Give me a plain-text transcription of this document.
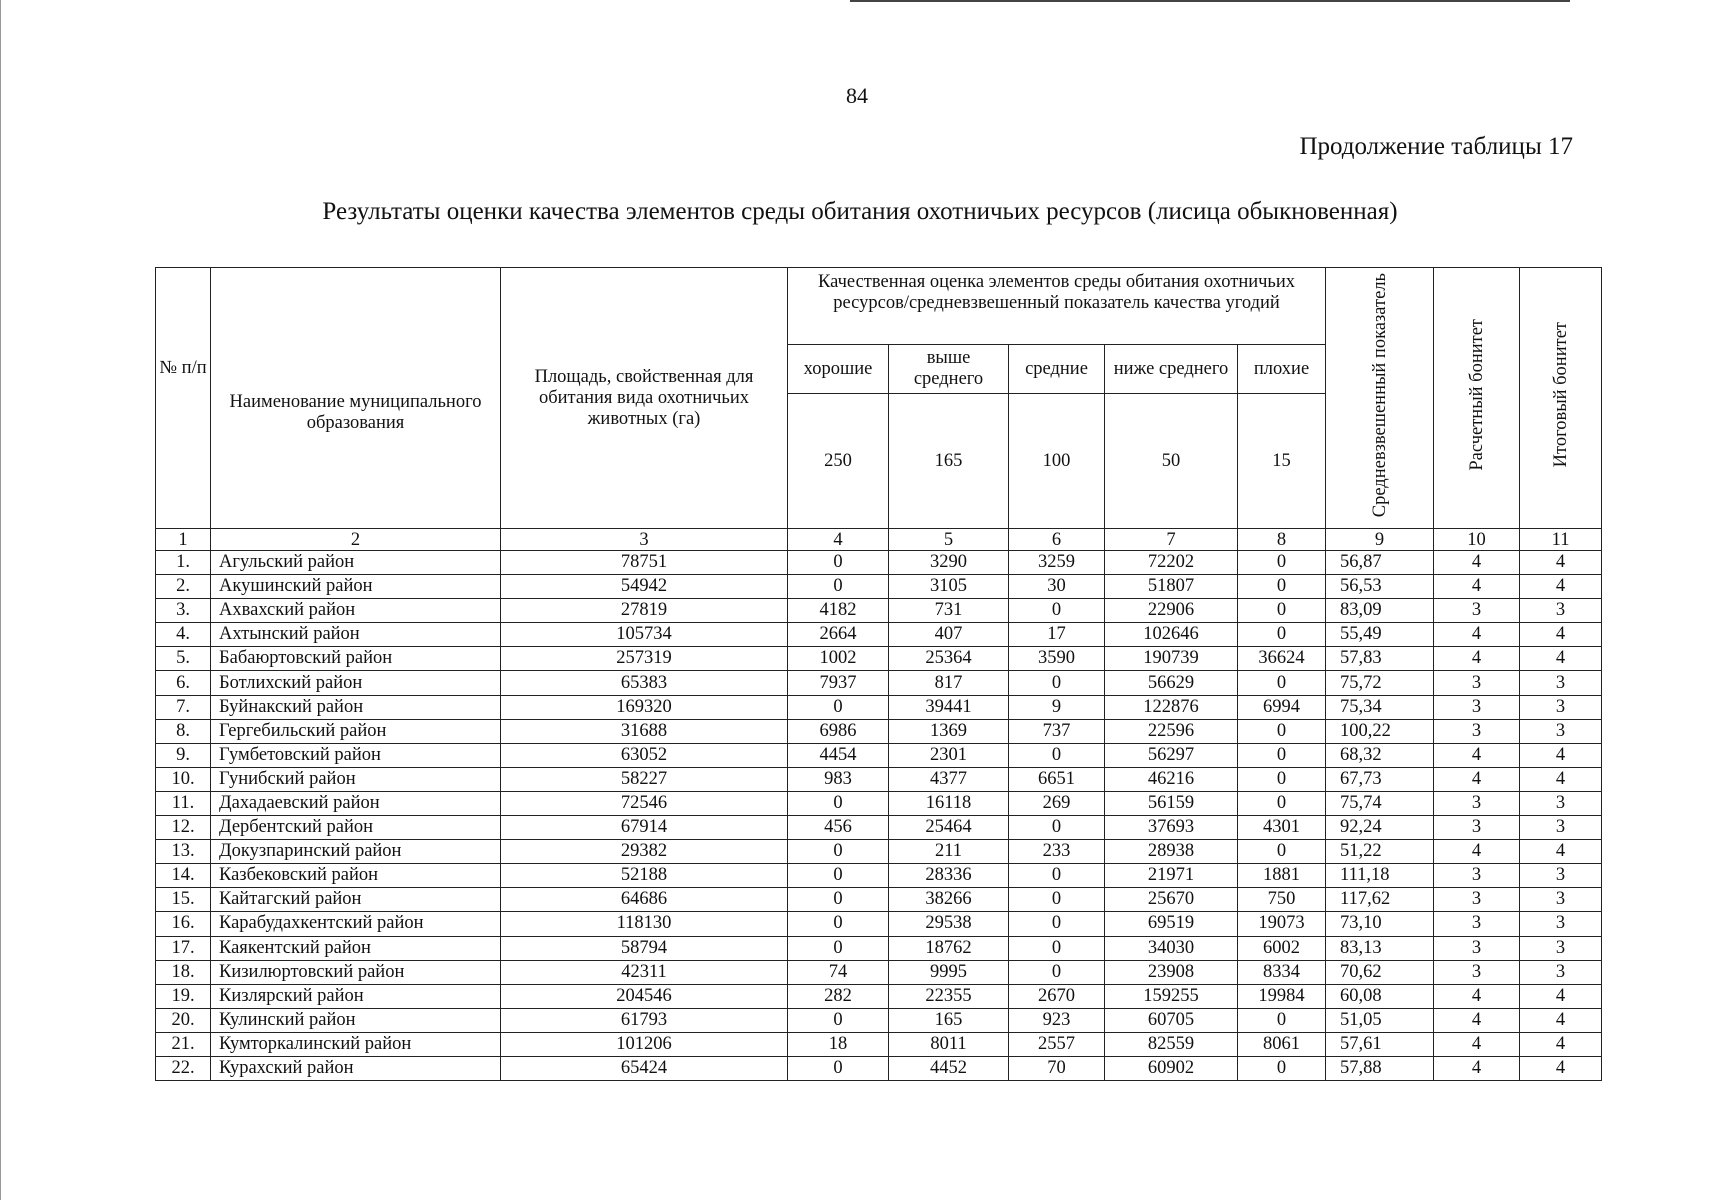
84
Продолжение таблицы 17
Результаты оценки качества элементов среды обитания охотничьих ресурсов (лисица обыкновенная)
№ п/п	Наименование муниципального образования	Площадь, свойственная для обитания вида охотничьих животных (га)	Качественная оценка элементов среды обитания охотничьих ресурсов/средневзвешенный показатель качества угодий					Средневзвешенный показатель	Расчетный бонитет	Итоговый бонитет
			хорошие	выше среднего	средние	ниже среднего	плохие			
			250	165	100	50	15			
1	2	3	4	5	6	7	8	9	10	11
1.	Агульский район	78751	0	3290	3259	72202	0	56,87	4	4
2.	Акушинский район	54942	0	3105	30	51807	0	56,53	4	4
3.	Ахвахский район	27819	4182	731	0	22906	0	83,09	3	3
4.	Ахтынский район	105734	2664	407	17	102646	0	55,49	4	4
5.	Бабаюртовский район	257319	1002	25364	3590	190739	36624	57,83	4	4
6.	Ботлихский район	65383	7937	817	0	56629	0	75,72	3	3
7.	Буйнакский район	169320	0	39441	9	122876	6994	75,34	3	3
8.	Гергебильский район	31688	6986	1369	737	22596	0	100,22	3	3
9.	Гумбетовский район	63052	4454	2301	0	56297	0	68,32	4	4
10.	Гунибский район	58227	983	4377	6651	46216	0	67,73	4	4
11.	Дахадаевский район	72546	0	16118	269	56159	0	75,74	3	3
12.	Дербентский район	67914	456	25464	0	37693	4301	92,24	3	3
13.	Докузпаринский район	29382	0	211	233	28938	0	51,22	4	4
14.	Казбековский район	52188	0	28336	0	21971	1881	111,18	3	3
15.	Кайтагский район	64686	0	38266	0	25670	750	117,62	3	3
16.	Карабудахкентский район	118130	0	29538	0	69519	19073	73,10	3	3
17.	Каякентский район	58794	0	18762	0	34030	6002	83,13	3	3
18.	Кизилюртовский район	42311	74	9995	0	23908	8334	70,62	3	3
19.	Кизлярский район	204546	282	22355	2670	159255	19984	60,08	4	4
20.	Кулинский район	61793	0	165	923	60705	0	51,05	4	4
21.	Кумторкалинский район	101206	18	8011	2557	82559	8061	57,61	4	4
22.	Курахский район	65424	0	4452	70	60902	0	57,88	4	4
